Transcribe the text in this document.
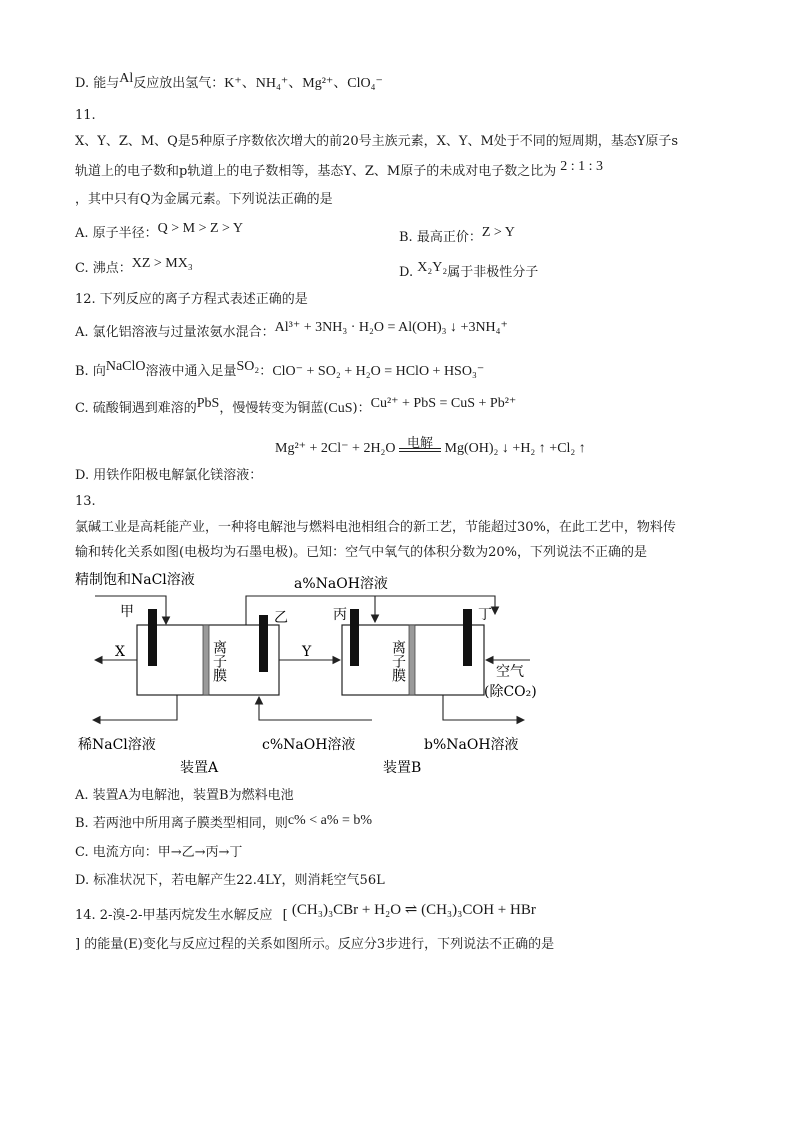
D. 能与Al反应放出氢气：K⁺、NH₄⁺、Mg²⁺、ClO₄⁻
11.
X、Y、Z、M、Q是5种原子序数依次增大的前20号主族元素，X、Y、M处于不同的短周期，基态Y原子s
轨道上的电子数和p轨道上的电子数相等，基态Y、Z、M原子的未成对电子数之比为 2 : 1 : 3
，其中只有Q为金属元素。下列说法正确的是
A. 原子半径：Q > M > Z > Y
B. 最高正价：Z > Y
C. 沸点：XZ > MX₃
D. X₂Y₂属于非极性分子
12. 下列反应的离子方程式表述正确的是
A. 氯化铝溶液与过量浓氨水混合：Al³⁺ + 3NH₃ · H₂O = Al(OH)₃ ↓ +3NH₄⁺
B. 向NaClO溶液中通入足量SO₂：ClO⁻ + SO₂ + H₂O = HClO + HSO₃⁻
C. 硫酸铜遇到难溶的PbS，慢慢转变为铜蓝(CuS)：Cu²⁺ + PbS = CuS + Pb²⁺
Mg²⁺ + 2Cl⁻ + 2H₂O 电解 Mg(OH)₂ ↓ +H₂ ↑ +Cl₂ ↑
D. 用铁作阳极电解氯化镁溶液：
13.
氯碱工业是高耗能产业，一种将电解池与燃料电池相组合的新工艺，节能超过30%，在此工艺中，物料传
输和转化关系如图(电极均为石墨电极)。已知：空气中氧气的体积分数为20%，下列说法不正确的是
精制饱和NaCl溶液	a%NaOH溶液
甲	乙	丙	丁
离子膜	离子膜
X	Y
空气
(除CO₂)
稀NaCl溶液	c%NaOH溶液	b%NaOH溶液
装置A	装置B
A. 装置A为电解池，装置B为燃料电池
B. 若两池中所用离子膜类型相同，则c% < a% = b%
C. 电流方向：甲→乙→丙→丁
D. 标准状况下，若电解产生22.4LY，则消耗空气56L
14. 2-溴-2-甲基丙烷发生水解反应 [ (CH₃)₃CBr + H₂O ⇌ (CH₃)₃COH + HBr
] 的能量(E)变化与反应过程的关系如图所示。反应分3步进行，下列说法不正确的是
